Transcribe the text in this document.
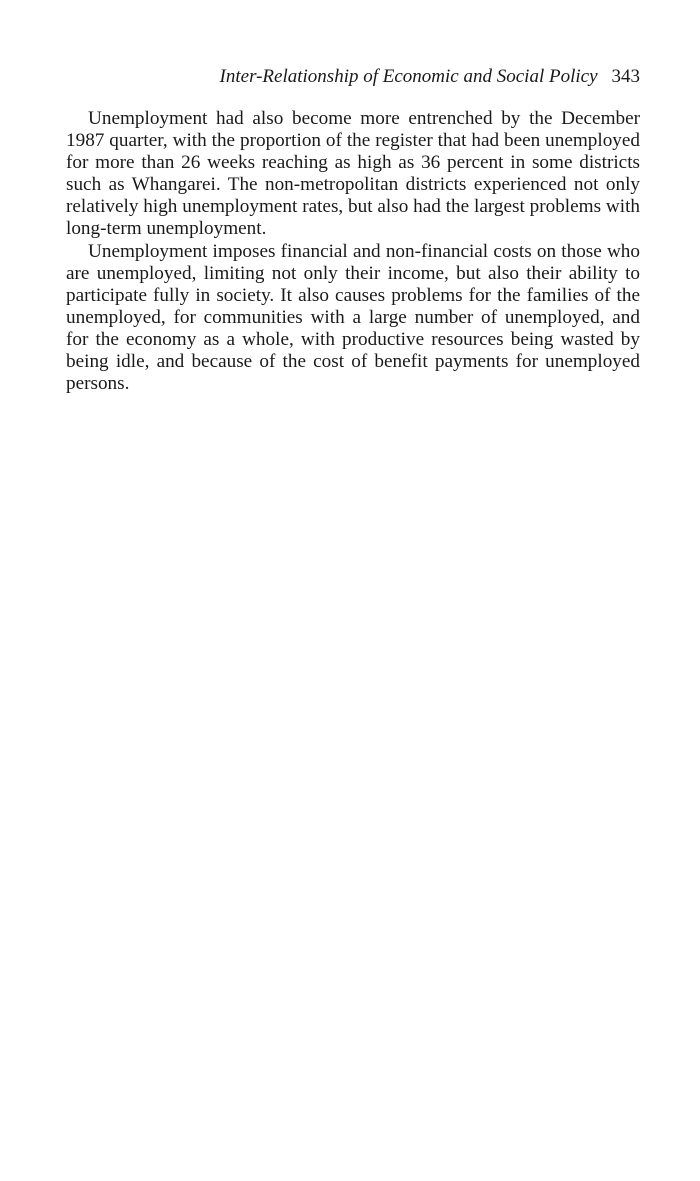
Inter-Relationship of Economic and Social Policy 343

Unemployment had also become more entrenched by the December 1987 quarter, with the proportion of the register that had been unemployed for more than 26 weeks reaching as high as 36 percent in some districts such as Whangarei. The non-metropolitan districts experienced not only relatively high unemployment rates, but also had the largest problems with long-term unemployment.

Unemployment imposes financial and non-financial costs on those who are unemployed, limiting not only their income, but also their ability to participate fully in society. It also causes problems for the families of the unemployed, for communities with a large number of unemployed, and for the economy as a whole, with productive resources being wasted by being idle, and because of the cost of benefit payments for unemployed persons.
